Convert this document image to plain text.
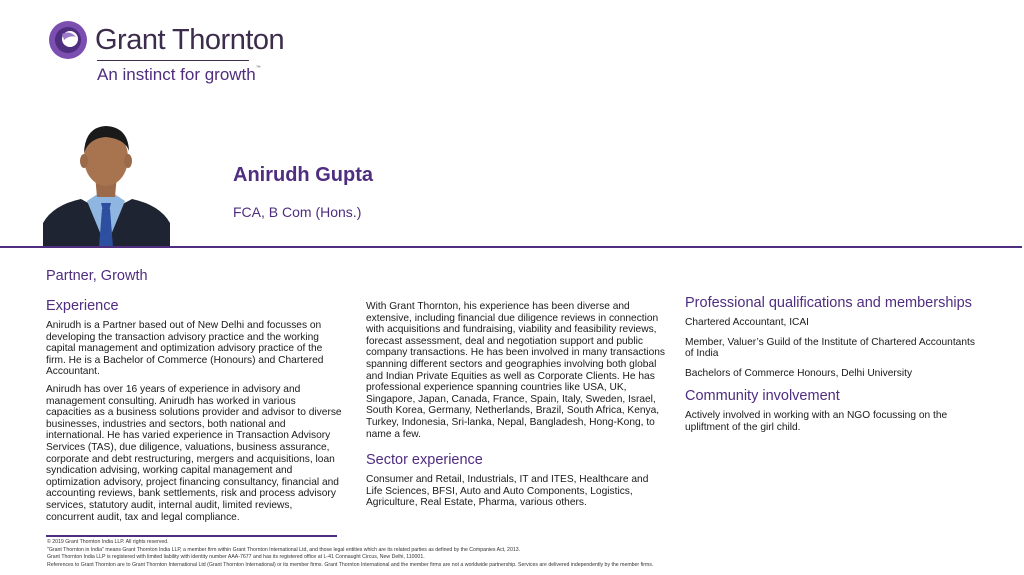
Grant Thornton
An instinct for growth™
Anirudh Gupta
FCA, B Com (Hons.)
Partner, Growth
Experience
Anirudh is a Partner based out of New Delhi and focusses on developing the transaction advisory practice and the working capital management and optimization advisory practice of the firm. He is a Bachelor of Commerce (Honours) and Chartered Accountant.
Anirudh has over 16 years of experience in advisory and management consulting. Anirudh has worked in various capacities as a business solutions provider and advisor to diverse businesses, industries and sectors, both national and international. He has varied experience in Transaction Advisory Services (TAS), due diligence, valuations, business assurance, corporate and debt restructuring, mergers and acquisitions, loan syndication advising, working capital management and optimization advisory, project financing consultancy, financial and accounting reviews, bank settlements, risk and process advisory services, statutory audit, internal audit, limited reviews, concurrent audit, tax and legal compliance.
With Grant Thornton, his experience has been diverse and extensive, including financial due diligence reviews in connection with acquisitions and fundraising, viability and feasibility reviews, forecast assessment, deal and negotiation support and public company transactions. He has been involved in many transactions spanning different sectors and geographies involving both global and Indian Private Equities as well as Corporate Clients. He has professional experience spanning countries like USA, UK, Singapore, Japan, Canada, France, Spain, Italy, Sweden, Israel, South Korea, Germany, Netherlands, Brazil, South Africa, Kenya, Turkey, Indonesia, Sri-lanka, Nepal, Bangladesh, Hong-Kong, to name a few.
Sector experience
Consumer and Retail, Industrials, IT and ITES, Healthcare and Life Sciences, BFSI, Auto and Auto Components, Logistics, Agriculture, Real Estate, Pharma, various others.
Professional qualifications and memberships
Chartered Accountant, ICAI
Member, Valuer’s Guild of the Institute of Chartered Accountants of India
Bachelors of Commerce Honours, Delhi University
Community involvement
Actively involved in working with an NGO focussing on the upliftment of the girl child.
© 2019 Grant Thornton India LLP. All rights reserved.
"Grant Thornton in India" means Grant Thornton India LLP, a member firm within Grant Thornton International Ltd, and those legal entities which are its related parties as defined by the Companies Act, 2013.
Grant Thornton India LLP is registered with limited liability with identity number AAA-7677 and has its registered office at L-41 Connaught Circus, New Delhi, 110001.
References to Grant Thornton are to Grant Thornton International Ltd (Grant Thornton International) or its member firms. Grant Thornton International and the member firms are not a worldwide partnership. Services are delivered independently by the member firms.
